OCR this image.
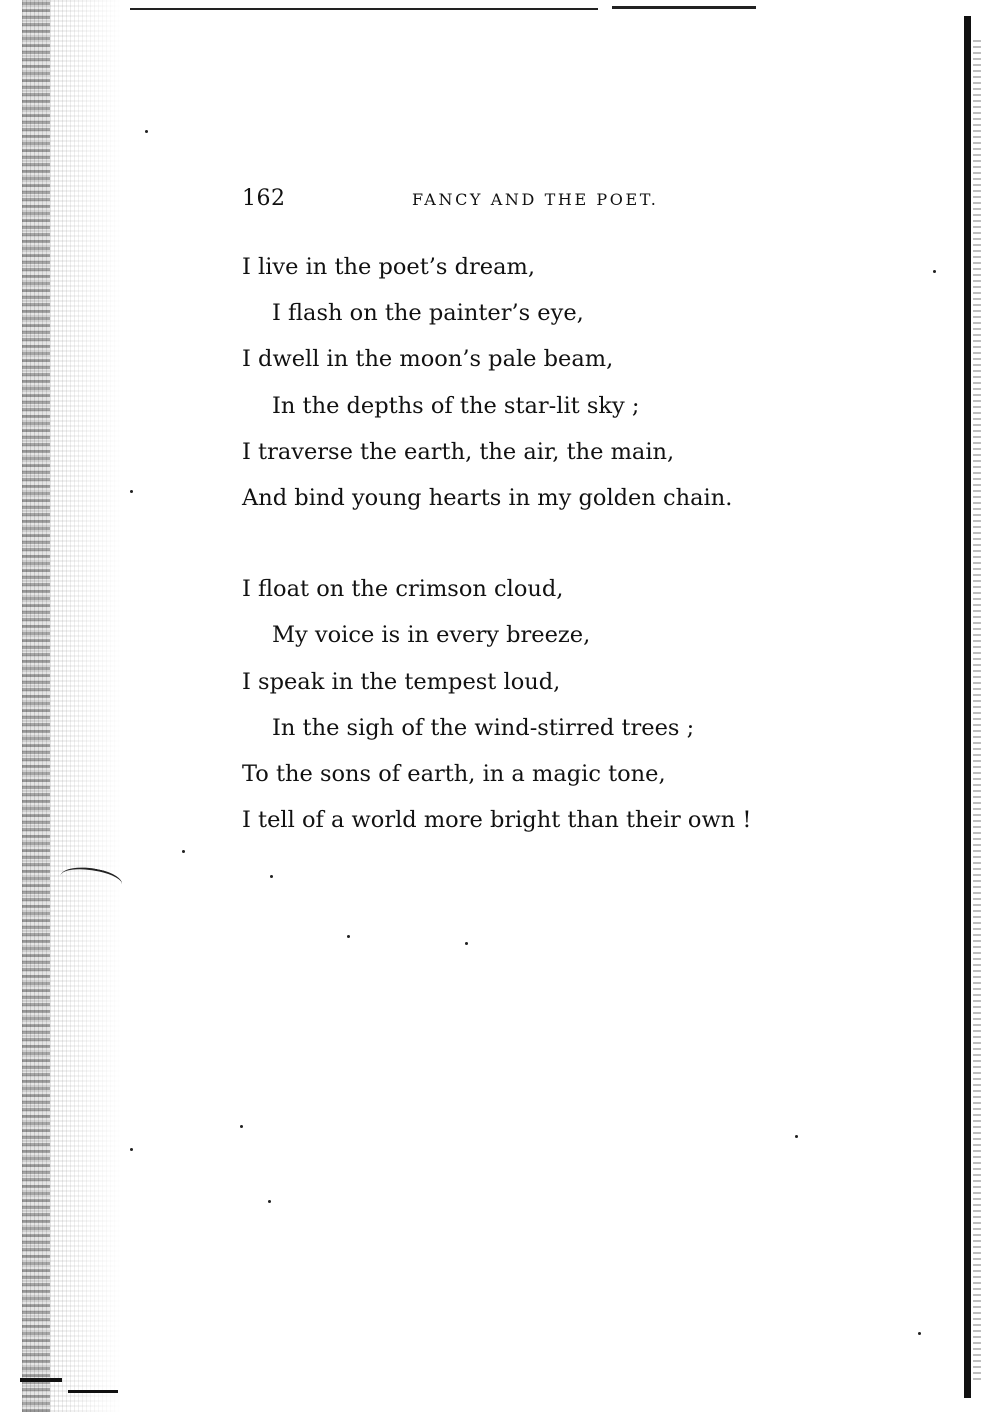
162	FANCY AND THE POET.
I live in the poet’s dream,
I flash on the painter’s eye,
I dwell in the moon’s pale beam,
In the depths of the star-lit sky ;
I traverse the earth, the air, the main,
And bind young hearts in my golden chain.
I float on the crimson cloud,
My voice is in every breeze,
I speak in the tempest loud,
In the sigh of the wind-stirred trees ;
To the sons of earth, in a magic tone,
I tell of a world more bright than their own !
